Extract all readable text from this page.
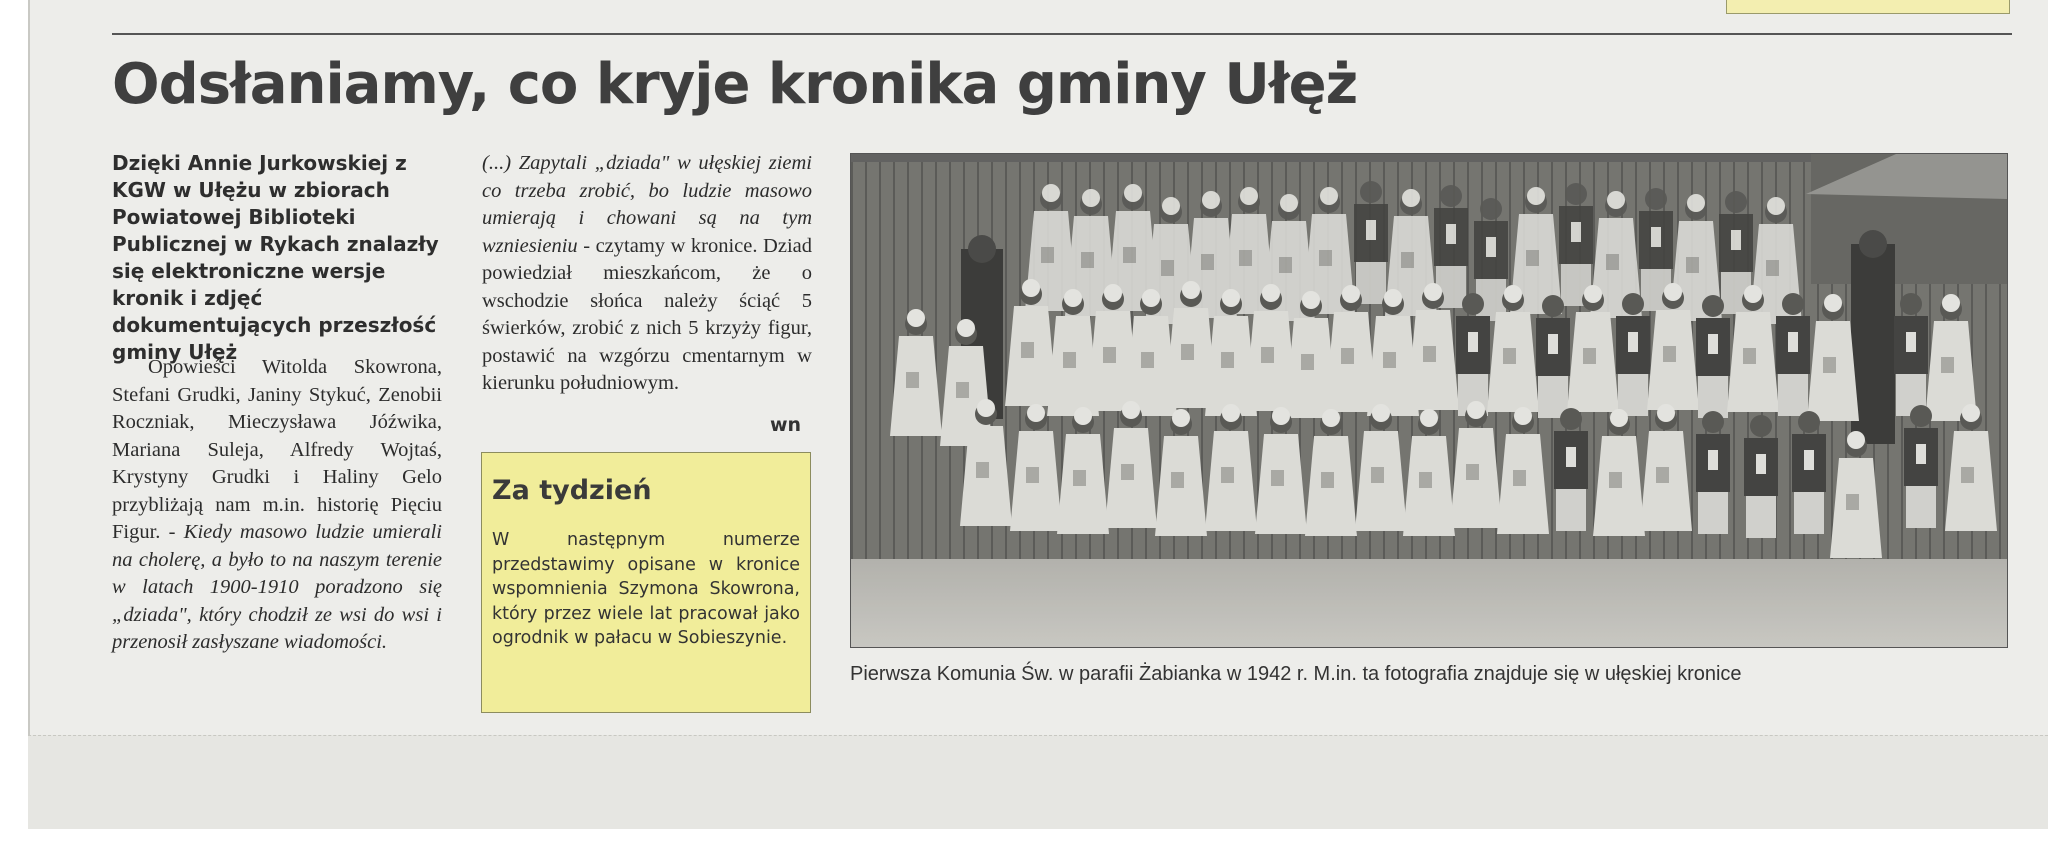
Odsłaniamy, co kryje kronika gminy Ułęż

Dzięki Annie Jurkowskiej z KGW w Ułężu w zbiorach Powiatowej Biblioteki Publicznej w Rykach znalazły się elektroniczne wersje kronik i zdjęć dokumentujących przeszłość gminy Ułęż

Opowieści Witolda Skowrona, Stefani Grudki, Janiny Stykuć, Zenobii Roczniak, Mieczysława Jóźwika, Mariana Suleja, Alfredy Wojtaś, Krystyny Grudki i Haliny Gelo przybliżają nam m.in. historię Pięciu Figur. - Kiedy masowo ludzie umierali na cholerę, a było to na naszym terenie w latach 1900-1910 poradzono się „dziada", który chodził ze wsi do wsi i przenosił zasłyszane wiadomości.

(...) Zapytali „dziada" w ułęskiej ziemi co trzeba zrobić, bo ludzie masowo umierają i chowani są na tym wzniesieniu - czytamy w kronice. Dziad powiedział mieszkańcom, że o wschodzie słońca należy ściąć 5 świerków, zrobić z nich 5 krzyży figur, postawić na wzgórzu cmentarnym w kierunku południowym.

wn

Za tydzień

W następnym numerze przedstawimy opisane w kronice wspomnienia Szymona Skowrona, który przez wiele lat pracował jako ogrodnik w pałacu w Sobieszynie.

Pierwsza Komunia Św. w parafii Żabianka w 1942 r. M.in. ta fotografia znajduje się w ułęskiej kronice
